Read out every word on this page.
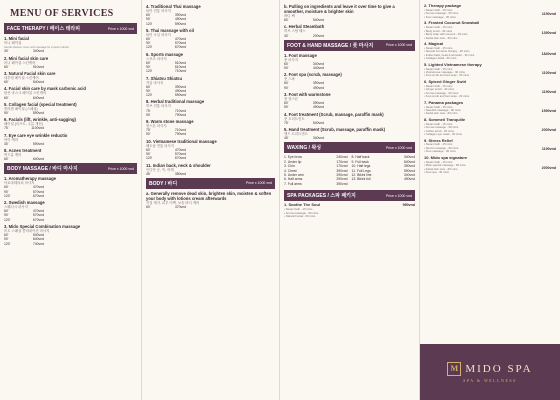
MENU OF SERVICES
FACE THERAPY / 페이스 테라피	Price x 1000 vnd
1. Mini facial
미니 페이셜
Gentle cleanse, toner and massage for a quick refresh.
30'	340vnd
2. Mini facial skin care
미니 페이셜 스킨케어
60'	510vnd
3. Natural Facial skin care
내추럴 페이셜 스킨케어
60'	540vnd
4. Facial skin care by mask carbonic acid
탄산 마스크 페이셜 스킨케어
60'	640vnd
5. Collagen facial (special treatment)
콜라겐 페이셜 (스페셜)
90'	890vnd
6. Facials (lift, wrinkle, anti-sagging)
페이셜 (리프트, 주름 개선)
75'	1100vnd
7. Eye care eye wrinkle reductio
아이 케어
30'	590vnd
8. Acnes treatment
여드름 케어
60'	640vnd
BODY MASSAGE / 바디 마사지	Price x 1000 vnd
1. Aromatherapy massage
아로마테라피 마사지
60'	470vnd
90'	570vnd
120'	670vnd
2. Swedish massage
스웨디시 마사지
60'	470vnd
90'	570vnd
120'	670vnd
3. Mido Special Combination massage
미도 스페셜 콤비네이션 마사지
60'	540vnd
90'	640vnd
120'	740vnd
4. Traditional Thai massage
타이 전통 마사지
60'	390vnd
90'	490vnd
120'	590vnd
5. Thai massage with oil
타이 오일 마사지
60'	470vnd
90'	570vnd
120'	670vnd
6. Sports massage
스포츠 마사지
60'	510vnd
90'	610vnd
120'	710vnd
7. Shiatsu Shiatsu
지압 마사지
60'	390vnd
90'	490vnd
120'	590vnd
8. Herbal traditional massage
허브 전통 마사지
75'	710vnd
90'	790vnd
9. Warm stone massage
핫스톤 마사지
75'	710vnd
90'	790vnd
10. Vietnamese traditional massage
베트남 전통 마사지
60'	470vnd
90'	570vnd
120'	670vnd
11. Indian back, neck & shoulder
인디안 등, 목, 어깨
45'	350vnd
BODY / 바디	Price x 1000 vnd
a. Generally remove dead skin, brighten skin, moisten & soften your body with lotions cream afterwards
각질 제거, 피부 미백, 보습 바디 케어
60'	470vnd
b. Pulling on ingredients and leave it over time to give a smoother, moisture & brighter skin
바디 팩
60'	540vnd
c. Herbal Steambath
허브 스팀 배스
30'	200vnd
FOOT & HAND MASSAGE / 풋 마사지	Price x 1000 vnd
1. Foot massage
풋 마사지
60'	340vnd
90'	440vnd
2. Foot spa (scrub, massage)
풋 스파
60'	390vnd
90'	490vnd
3. Foot with warmstone
풋 핫스톤
60'	390vnd
90'	490vnd
4. Foot treatment (Scrub, massage, paraffin mask)
풋 트리트먼트
75'	540vnd
5. Hand treatment (Scrub, massage, paraffin mask)
핸드 트리트먼트
45'	340vnd
WAXING / 왁싱	Price x 1000 vnd
1. Eye brow	240vnd
2. Under lip	170vnd
3. Chin	170vnd
4. Chest	390vnd
5. Under arm	290vnd
6. Half arms	290vnd
7. Full arms	390vnd
8. Half back	340vnd
9. Full back	540vnd
10. Half legs	390vnd
11. Full Legs	590vnd
12. Bikini line	340vnd
13. Bikini full	490vnd
SPA PACKAGES / 스파 패키지	Price x 1000 vnd
1. Soothe The Soul	990vnd
• Steam bath - 15 mins
• Aroma massage - 60 mins
• Natural Facial - 60 mins
2. Therapy package
• Steam bath - 15 mins
• Aroma massage - 60 mins
• Foot massage - 30 mins
1190vnd
3. Frosted Coconut Snowball
• Steam bath - 15 mins
• Body scrub - 30 mins
• Body wrap with coconut - 30 mins
• Facial skin care - 60 mins
1390vnd
4. Magical
• Steam bath - 15 mins
• Special hot stone therapy - 90 mins
• Indian back, head & shoulder - 30 mins
• Collagen facial - 60 mins
1840vnd
5. Lighted Vietnamese therapy
• Steam bath - 15 mins
• Vietnamese massage - 90 mins
• Foot scrub and foot wrap - 30 mins
1100vnd
6. Spiced Ginger Swirl
• Steam bath - 15 mins
• Ginger scrub - 30 mins
• Aroma massage - 60 mins
• Foot scrub and foot wrap - 30 mins
1190vnd
7. Panama packages
• Steam bath - 15 mins
• Swedish massage - 90 mins
• Facial skin care - 60 mins
1590vnd
8. Sommeil Tranquille
• Steam bath - 15 mins
• Aroma massage - 90 mins
• Coffee scrub - 30 mins
• Collagen eye mask - 30 mins
2000vnd
9. Stress Relief
• Steam bath - 15 mins
• Sports massage - 90 mins
• Foot massage - 30 mins
1190vnd
10. Mido spa signature
• Steam bath - 15 mins
• Mido special massage - 90 mins
• Facial skin care - 60 mins
• Foot spa - 30 mins
2000vnd
M MIDO SPA
SPA & WELLNESS
